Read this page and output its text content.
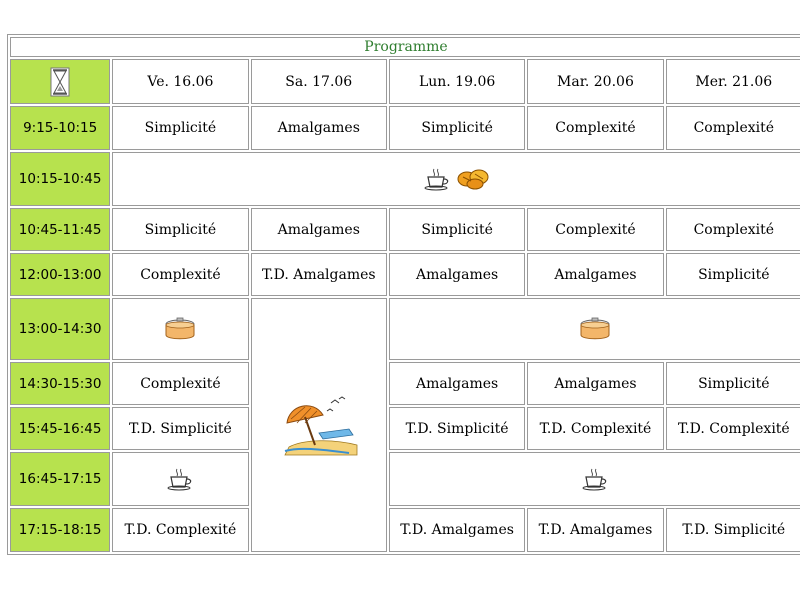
Programme					
	Ve. 16.06	Sa. 17.06	Lun. 19.06	Mar. 20.06	Mer. 21.06
9:15-10:15	Simplicité	Amalgames	Simplicité	Complexité	Complexité
10:15-10:45	
10:45-11:45	Simplicité	Amalgames	Simplicité	Complexité	Complexité
12:00-13:00	Complexité	T.D. Amalgames	Amalgames	Amalgames	Simplicité
13:00-14:30			
14:30-15:30	Complexité		Amalgames	Amalgames	Simplicité
15:45-16:45	T.D. Simplicité		T.D. Simplicité	T.D. Complexité	T.D. Complexité
16:45-17:15		
17:15-18:15	T.D. Complexité		T.D. Amalgames	T.D. Amalgames	T.D. Simplicité
